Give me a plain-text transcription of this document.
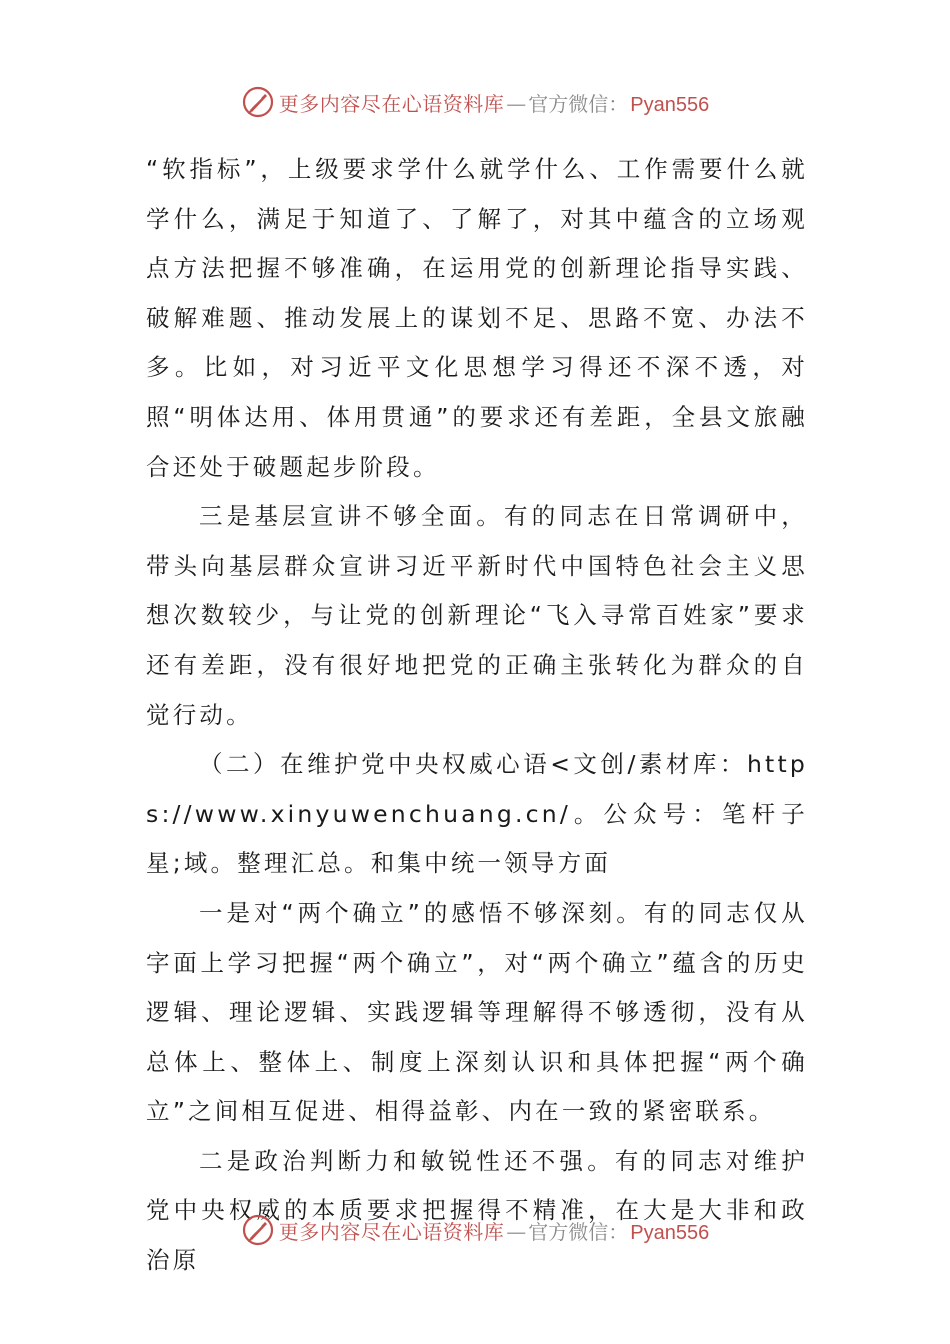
更多内容尽在心语资料库 — 官方微信： Pyan556

“软指标”，上级要求学什么就学什么、工作需要什么就学什么，满足于知道了、了解了，对其中蕴含的立场观点方法把握不够准确，在运用党的创新理论指导实践、破解难题、推动发展上的谋划不足、思路不宽、办法不多。比如，对习近平文化思想学习得还不深不透，对照“明体达用、体用贯通”的要求还有差距，全县文旅融合还处于破题起步阶段。

三是基层宣讲不够全面。有的同志在日常调研中，带头向基层群众宣讲习近平新时代中国特色社会主义思想次数较少，与让党的创新理论“飞入寻常百姓家”要求还有差距，没有很好地把党的正确主张转化为群众的自觉行动。

（二）在维护党中央权威心语<文创/素材库：https://www.xinyuwenchuang.cn/。公众号：笔杆子星;域。整理汇总。和集中统一领导方面

一是对“两个确立”的感悟不够深刻。有的同志仅从字面上学习把握“两个确立”，对“两个确立”蕴含的历史逻辑、理论逻辑、实践逻辑等理解得不够透彻，没有从总体上、整体上、制度上深刻认识和具体把握“两个确立”之间相互促进、相得益彰、内在一致的紧密联系。

二是政治判断力和敏锐性还不强。有的同志对维护党中央权威的本质要求把握得不精准，在大是大非和政治原

更多内容尽在心语资料库 — 官方微信： Pyan556
